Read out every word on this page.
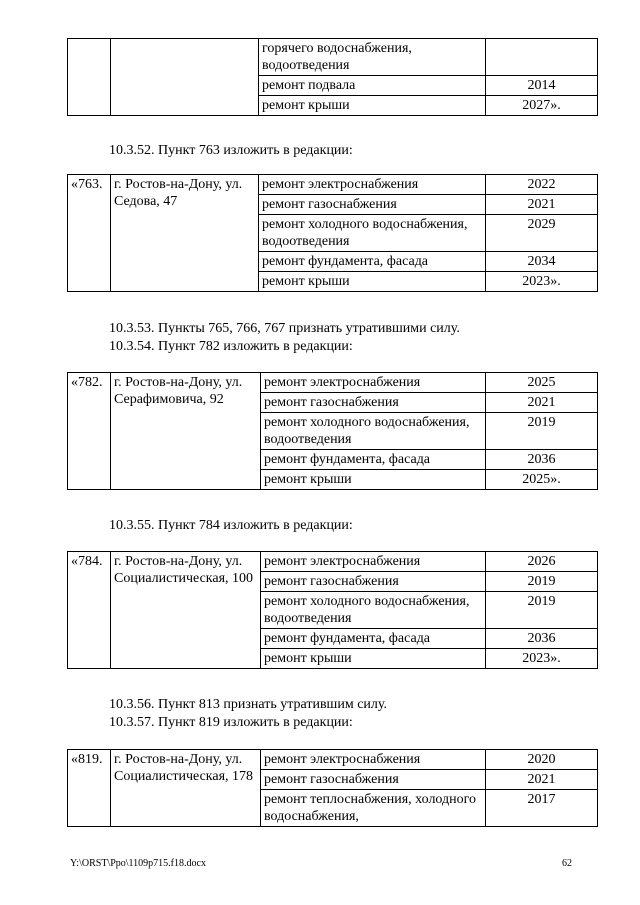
		горячего водоснабжения, водоотведения	
		ремонт подвала	2014
		ремонт крыши	2027».
10.3.52. Пункт 763 изложить в редакции:
«763.	г. Ростов-на-Дону, ул. Седова, 47	ремонт электроснабжения	2022
		ремонт газоснабжения	2021
		ремонт холодного водоснабжения, водоотведения	2029
		ремонт фундамента, фасада	2034
		ремонт крыши	2023».
10.3.53. Пункты 765, 766, 767 признать утратившими силу.
10.3.54. Пункт 782 изложить в редакции:
«782.	г. Ростов-на-Дону, ул. Серафимовича, 92	ремонт электроснабжения	2025
		ремонт газоснабжения	2021
		ремонт холодного водоснабжения, водоотведения	2019
		ремонт фундамента, фасада	2036
		ремонт крыши	2025».
10.3.55. Пункт 784 изложить в редакции:
«784.	г. Ростов-на-Дону, ул. Социалистическая, 100	ремонт электроснабжения	2026
		ремонт газоснабжения	2019
		ремонт холодного водоснабжения, водоотведения	2019
		ремонт фундамента, фасада	2036
		ремонт крыши	2023».
10.3.56. Пункт 813 признать утратившим силу.
10.3.57. Пункт 819 изложить в редакции:
«819.	г. Ростов-на-Дону, ул. Социалистическая, 178	ремонт электроснабжения	2020
		ремонт газоснабжения	2021
		ремонт теплоснабжения, холодного водоснабжения,	2017
Y:\ORST\Ppo\1109p715.f18.docx	62
